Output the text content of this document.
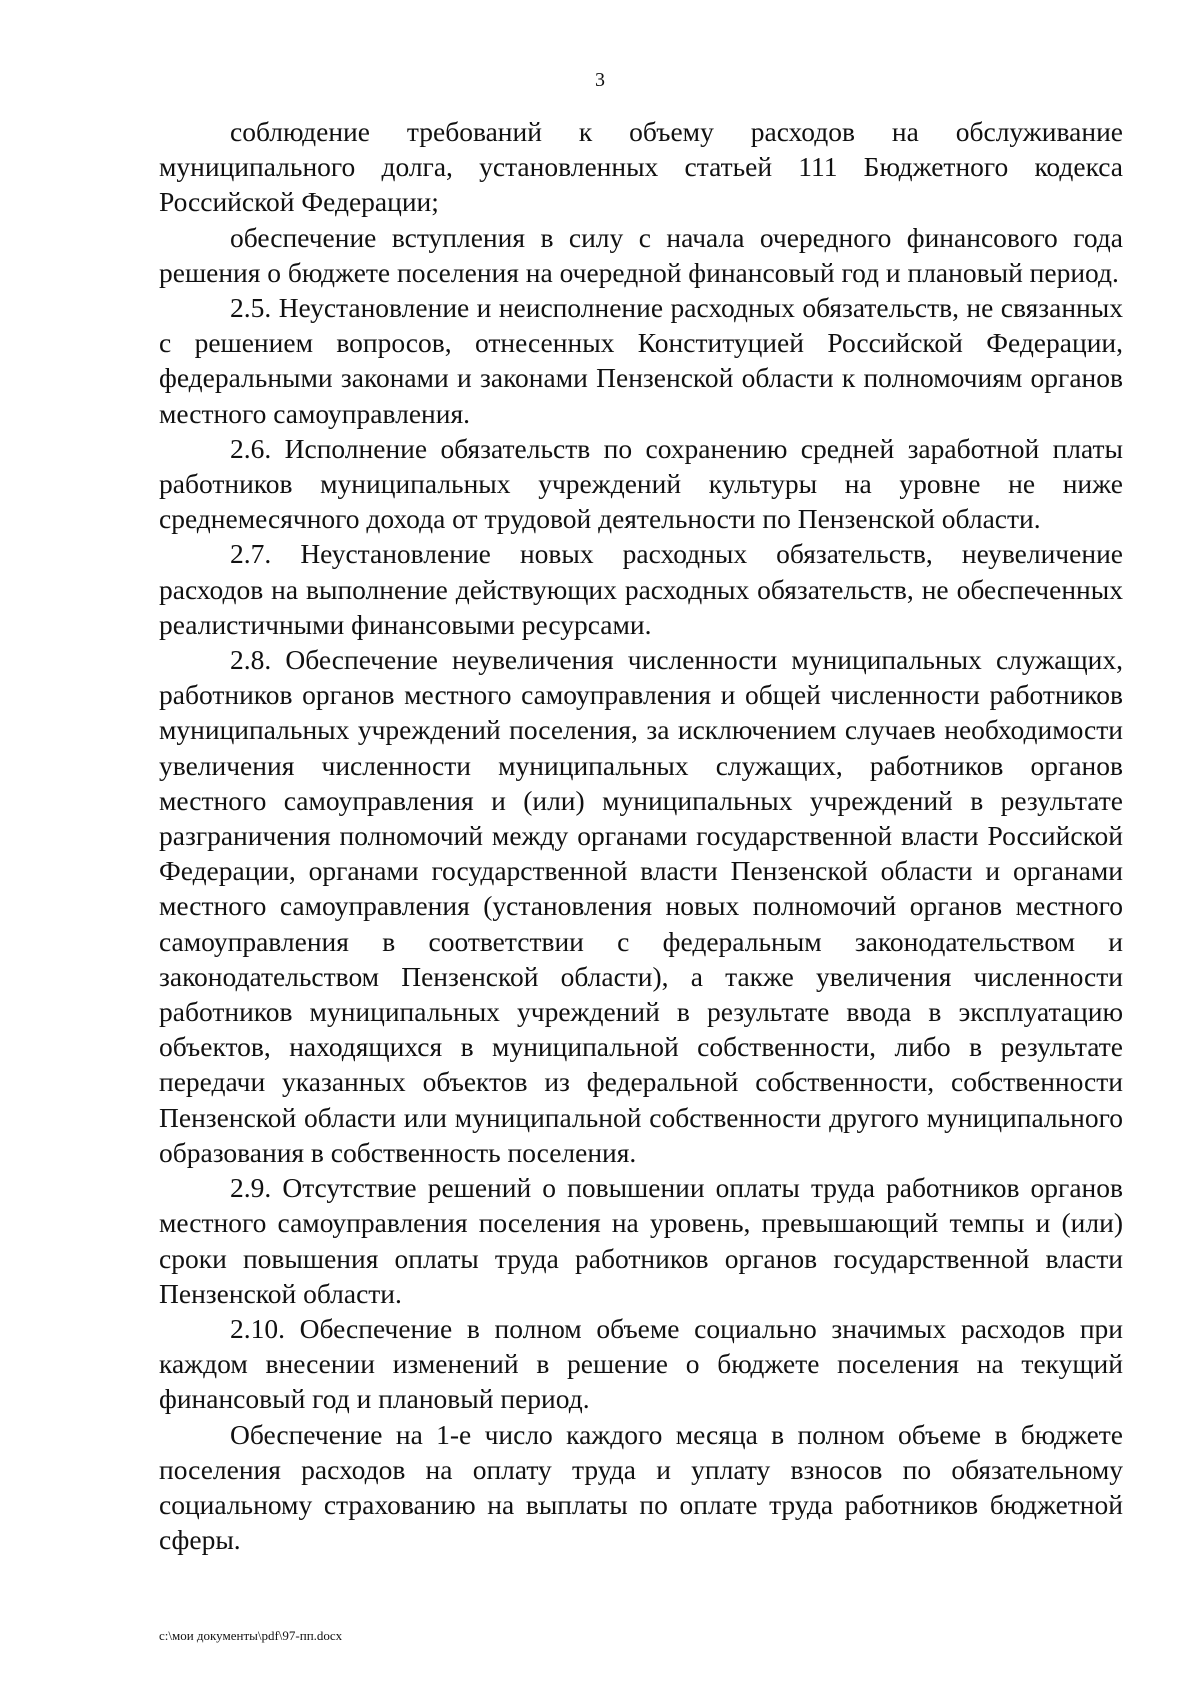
3

соблюдение требований к объему расходов на обслуживание муниципального долга, установленных статьей 111 Бюджетного кодекса Российской Федерации;

обеспечение вступления в силу с начала очередного финансового года решения о бюджете поселения на очередной финансовый год и плановый период.

2.5. Неустановление и неисполнение расходных обязательств, не связанных с решением вопросов, отнесенных Конституцией Российской Федерации, федеральными законами и законами Пензенской области к полномочиям органов местного самоуправления.

2.6. Исполнение обязательств по сохранению средней заработной платы работников муниципальных учреждений культуры на уровне не ниже среднемесячного дохода от трудовой деятельности по Пензенской области.

2.7. Неустановление новых расходных обязательств, неувеличение расходов на выполнение действующих расходных обязательств, не обеспеченных реалистичными финансовыми ресурсами.

2.8. Обеспечение неувеличения численности муниципальных служащих, работников органов местного самоуправления и общей численности работников муниципальных учреждений поселения, за исключением случаев необходимости увеличения численности муниципальных служащих, работников органов местного самоуправления и (или) муниципальных учреждений в результате разграничения полномочий между органами государственной власти Российской Федерации, органами государственной власти Пензенской области и органами местного самоуправления (установления новых полномочий органов местного самоуправления в соответствии с федеральным законодательством и законодательством Пензенской области), а также увеличения численности работников муниципальных учреждений в результате ввода в эксплуатацию объектов, находящихся в муниципальной собственности, либо в результате передачи указанных объектов из федеральной собственности, собственности Пензенской области или муниципальной собственности другого муниципального образования в собственность поселения.

2.9. Отсутствие решений о повышении оплаты труда работников органов местного самоуправления поселения на уровень, превышающий темпы и (или) сроки повышения оплаты труда работников органов государственной власти Пензенской области.

2.10. Обеспечение в полном объеме социально значимых расходов при каждом внесении изменений в решение о бюджете поселения на текущий финансовый год и плановый период.

Обеспечение на 1-е число каждого месяца в полном объеме в бюджете поселения расходов на оплату труда и уплату взносов по обязательному социальному страхованию на выплаты по оплате труда работников бюджетной сферы.

c:\мои документы\pdf\97-пп.docx
